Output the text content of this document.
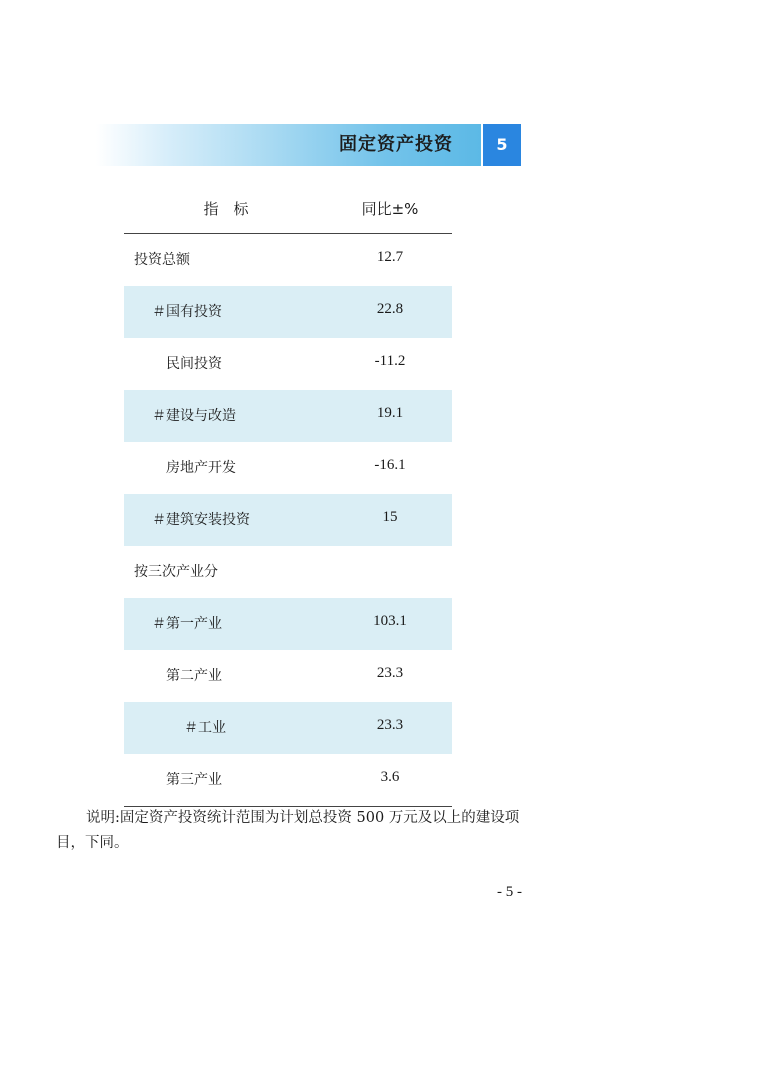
固定资产投资	5
指　标	同比±%
投资总额	12.7
＃国有投资	22.8
民间投资	-11.2
＃建设与改造	19.1
房地产开发	-16.1
＃建筑安装投资	15
按三次产业分
＃第一产业	103.1
第二产业	23.3
＃工业	23.3
第三产业	3.6

说明:固定资产投资统计范围为计划总投资 500 万元及以上的建设项目，下同。

- 5 -
